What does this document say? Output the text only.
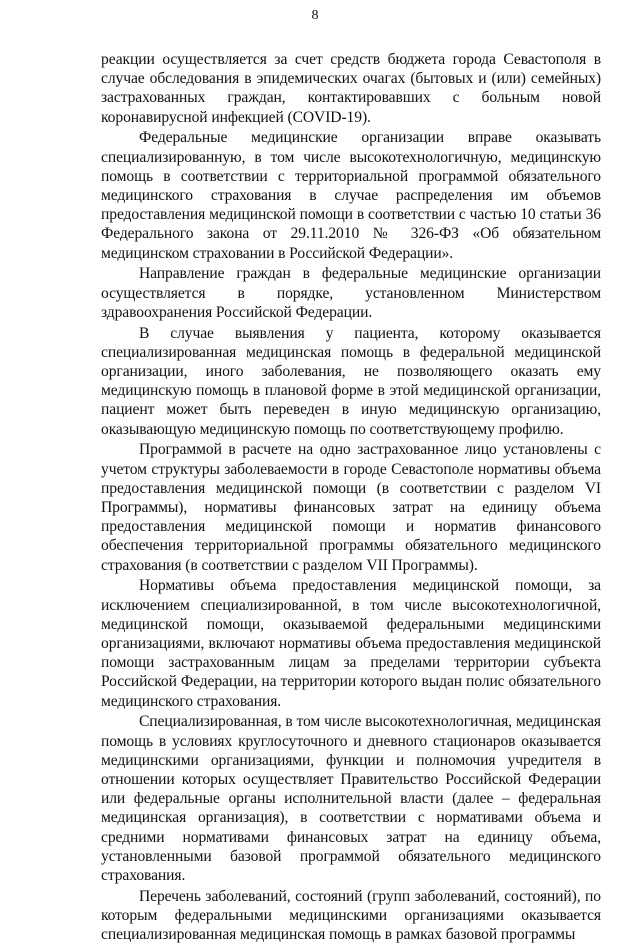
8

реакции осуществляется за счет средств бюджета города Севастополя в случае обследования в эпидемических очагах (бытовых и (или) семейных) застрахованных граждан, контактировавших с больным новой коронавирусной инфекцией (COVID-19).

Федеральные медицинские организации вправе оказывать специализированную, в том числе высокотехнологичную, медицинскую помощь в соответствии с территориальной программой обязательного медицинского страхования в случае распределения им объемов предоставления медицинской помощи в соответствии с частью 10 статьи 36 Федерального закона от 29.11.2010 № 326-ФЗ «Об обязательном медицинском страховании в Российской Федерации».

Направление граждан в федеральные медицинские организации осуществляется в порядке, установленном Министерством здравоохранения Российской Федерации.

В случае выявления у пациента, которому оказывается специализированная медицинская помощь в федеральной медицинской организации, иного заболевания, не позволяющего оказать ему медицинскую помощь в плановой форме в этой медицинской организации, пациент может быть переведен в иную медицинскую организацию, оказывающую медицинскую помощь по соответствующему профилю.

Программой в расчете на одно застрахованное лицо установлены с учетом структуры заболеваемости в городе Севастополе нормативы объема предоставления медицинской помощи (в соответствии с разделом VI Программы), нормативы финансовых затрат на единицу объема предоставления медицинской помощи и норматив финансового обеспечения территориальной программы обязательного медицинского страхования (в соответствии с разделом VII Программы).

Нормативы объема предоставления медицинской помощи, за исключением специализированной, в том числе высокотехнологичной, медицинской помощи, оказываемой федеральными медицинскими организациями, включают нормативы объема предоставления медицинской помощи застрахованным лицам за пределами территории субъекта Российской Федерации, на территории которого выдан полис обязательного медицинского страхования.

Специализированная, в том числе высокотехнологичная, медицинская помощь в условиях круглосуточного и дневного стационаров оказывается медицинскими организациями, функции и полномочия учредителя в отношении которых осуществляет Правительство Российской Федерации или федеральные органы исполнительной власти (далее – федеральная медицинская организация), в соответствии с нормативами объема и средними нормативами финансовых затрат на единицу объема, установленными базовой программой обязательного медицинского страхования.

Перечень заболеваний, состояний (групп заболеваний, состояний), по которым федеральными медицинскими организациями оказывается специализированная медицинская помощь в рамках базовой программы
